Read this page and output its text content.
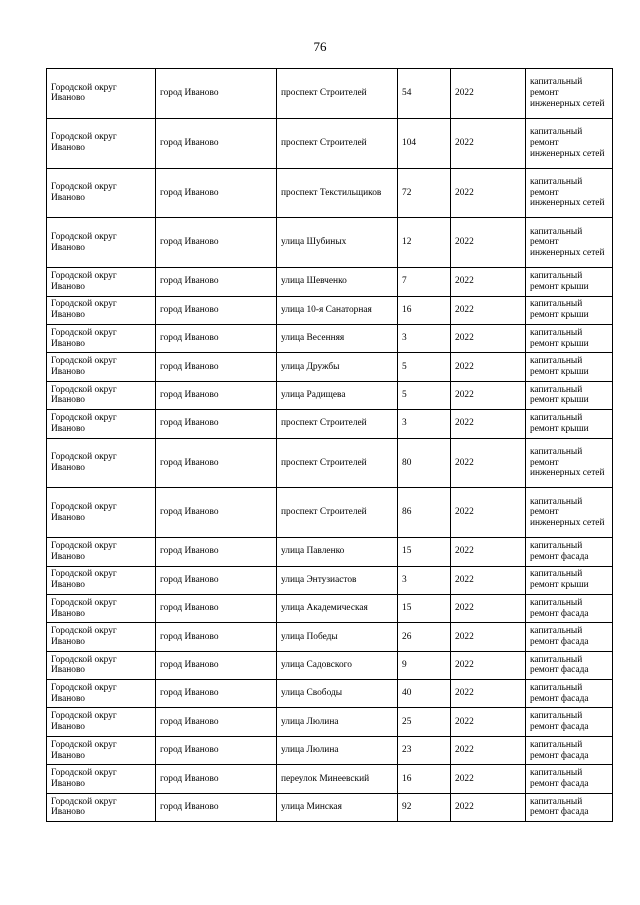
76
Городской округ Иваново	город Иваново	проспект Строителей	54	2022	капитальный ремонт инженерных сетей
Городской округ Иваново	город Иваново	проспект Строителей	104	2022	капитальный ремонт инженерных сетей
Городской округ Иваново	город Иваново	проспект Текстильщиков	72	2022	капитальный ремонт инженерных сетей
Городской округ Иваново	город Иваново	улица Шубиных	12	2022	капитальный ремонт инженерных сетей
Городской округ Иваново	город Иваново	улица Шевченко	7	2022	капитальный ремонт крыши
Городской округ Иваново	город Иваново	улица 10-я Санаторная	16	2022	капитальный ремонт крыши
Городской округ Иваново	город Иваново	улица Весенняя	3	2022	капитальный ремонт крыши
Городской округ Иваново	город Иваново	улица Дружбы	5	2022	капитальный ремонт крыши
Городской округ Иваново	город Иваново	улица Радищева	5	2022	капитальный ремонт крыши
Городской округ Иваново	город Иваново	проспект Строителей	3	2022	капитальный ремонт крыши
Городской округ Иваново	город Иваново	проспект Строителей	80	2022	капитальный ремонт инженерных сетей
Городской округ Иваново	город Иваново	проспект Строителей	86	2022	капитальный ремонт инженерных сетей
Городской округ Иваново	город Иваново	улица Павленко	15	2022	капитальный ремонт фасада
Городской округ Иваново	город Иваново	улица Энтузиастов	3	2022	капитальный ремонт крыши
Городской округ Иваново	город Иваново	улица Академическая	15	2022	капитальный ремонт фасада
Городской округ Иваново	город Иваново	улица Победы	26	2022	капитальный ремонт фасада
Городской округ Иваново	город Иваново	улица Садовского	9	2022	капитальный ремонт фасада
Городской округ Иваново	город Иваново	улица Свободы	40	2022	капитальный ремонт фасада
Городской округ Иваново	город Иваново	улица Люлина	25	2022	капитальный ремонт фасада
Городской округ Иваново	город Иваново	улица Люлина	23	2022	капитальный ремонт фасада
Городской округ Иваново	город Иваново	переулок Минеевский	16	2022	капитальный ремонт фасада
Городской округ Иваново	город Иваново	улица Минская	92	2022	капитальный ремонт фасада
